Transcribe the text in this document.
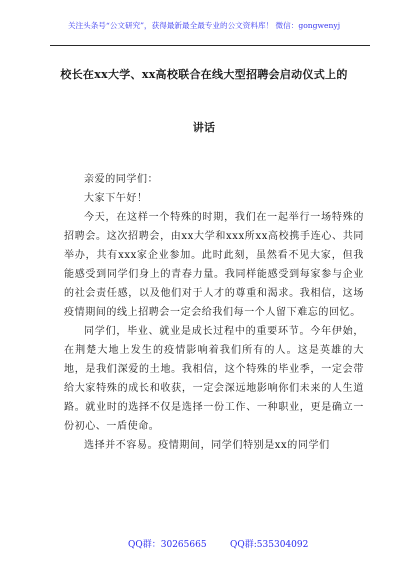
关注头条号“公文研究”，获得最新最全最专业的公文资料库！ 微信：gongwenyj
校长在xx大学、xx高校联合在线大型招聘会启动仪式上的
讲话

亲爱的同学们：

大家下午好！

今天，在这样一个特殊的时期，我们在一起举行一场特殊的招聘会。这次招聘会，由xx大学和xxx所xx高校携手连心、共同举办，共有xxx家企业参加。此时此刻，虽然看不见大家，但我能感受到同学们身上的青春力量。我同样能感受到每家参与企业的社会责任感，以及他们对于人才的尊重和渴求。我相信，这场疫情期间的线上招聘会一定会给我们每一个人留下难忘的回忆。

同学们，毕业、就业是成长过程中的重要环节。今年伊始，在荆楚大地上发生的疫情影响着我们所有的人。这是英雄的大地，是我们深爱的土地。我相信，这个特殊的毕业季，一定会带给大家特殊的成长和收获，一定会深远地影响你们未来的人生道路。就业时的选择不仅是选择一份工作、一种职业，更是确立一份初心、一盾使命。

选择并不容易。疫情期间，同学们特别是xx的同学们

QQ群：30265665	QQ群:535304092
